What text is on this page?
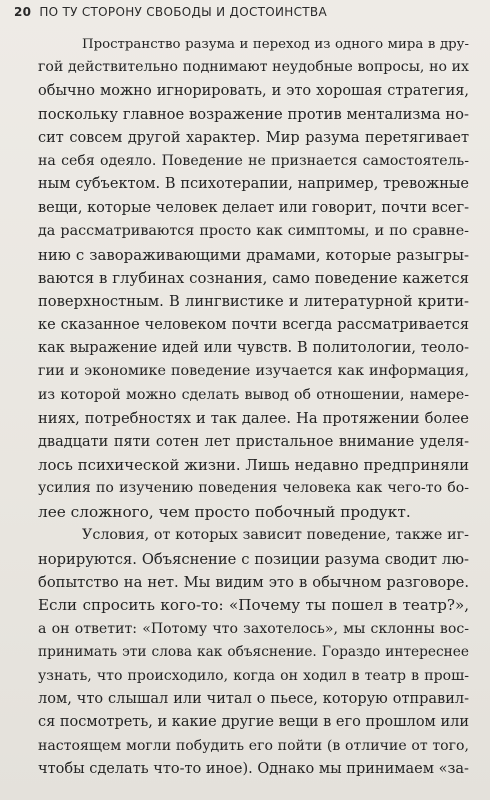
20 ПО ТУ СТОРОНУ СВОБОДЫ И ДОСТОИНСТВА
Пространство разума и переход из одного мира в дру-
гой действительно поднимают неудобные вопросы, но их
обычно можно игнорировать, и это хорошая стратегия,
поскольку главное возражение против ментализма но-
сит совсем другой характер. Мир разума перетягивает
на себя одеяло. Поведение не признается самостоятель-
ным субъектом. В психотерапии, например, тревожные
вещи, которые человек делает или говорит, почти всег-
да рассматриваются просто как симптомы, и по сравне-
нию с завораживающими драмами, которые разыгры-
ваются в глубинах сознания, само поведение кажется
поверхностным. В лингвистике и литературной крити-
ке сказанное человеком почти всегда рассматривается
как выражение идей или чувств. В политологии, теоло-
гии и экономике поведение изучается как информация,
из которой можно сделать вывод об отношении, намере-
ниях, потребностях и так далее. На протяжении более
двадцати пяти сотен лет пристальное внимание уделя-
лось психической жизни. Лишь недавно предприняли
усилия по изучению поведения человека как чего-то бо-
лее сложного, чем просто побочный продукт.
Условия, от которых зависит поведение, также иг-
норируются. Объяснение с позиции разума сводит лю-
бопытство на нет. Мы видим это в обычном разговоре.
Если спросить кого-то: «Почему ты пошел в театр?»,
а он ответит: «Потому что захотелось», мы склонны вос-
принимать эти слова как объяснение. Гораздо интереснее
узнать, что происходило, когда он ходил в театр в прош-
лом, что слышал или читал о пьесе, которую отправил-
ся посмотреть, и какие другие вещи в его прошлом или
настоящем могли побудить его пойти (в отличие от того,
чтобы сделать что-то иное). Однако мы принимаем «за-
